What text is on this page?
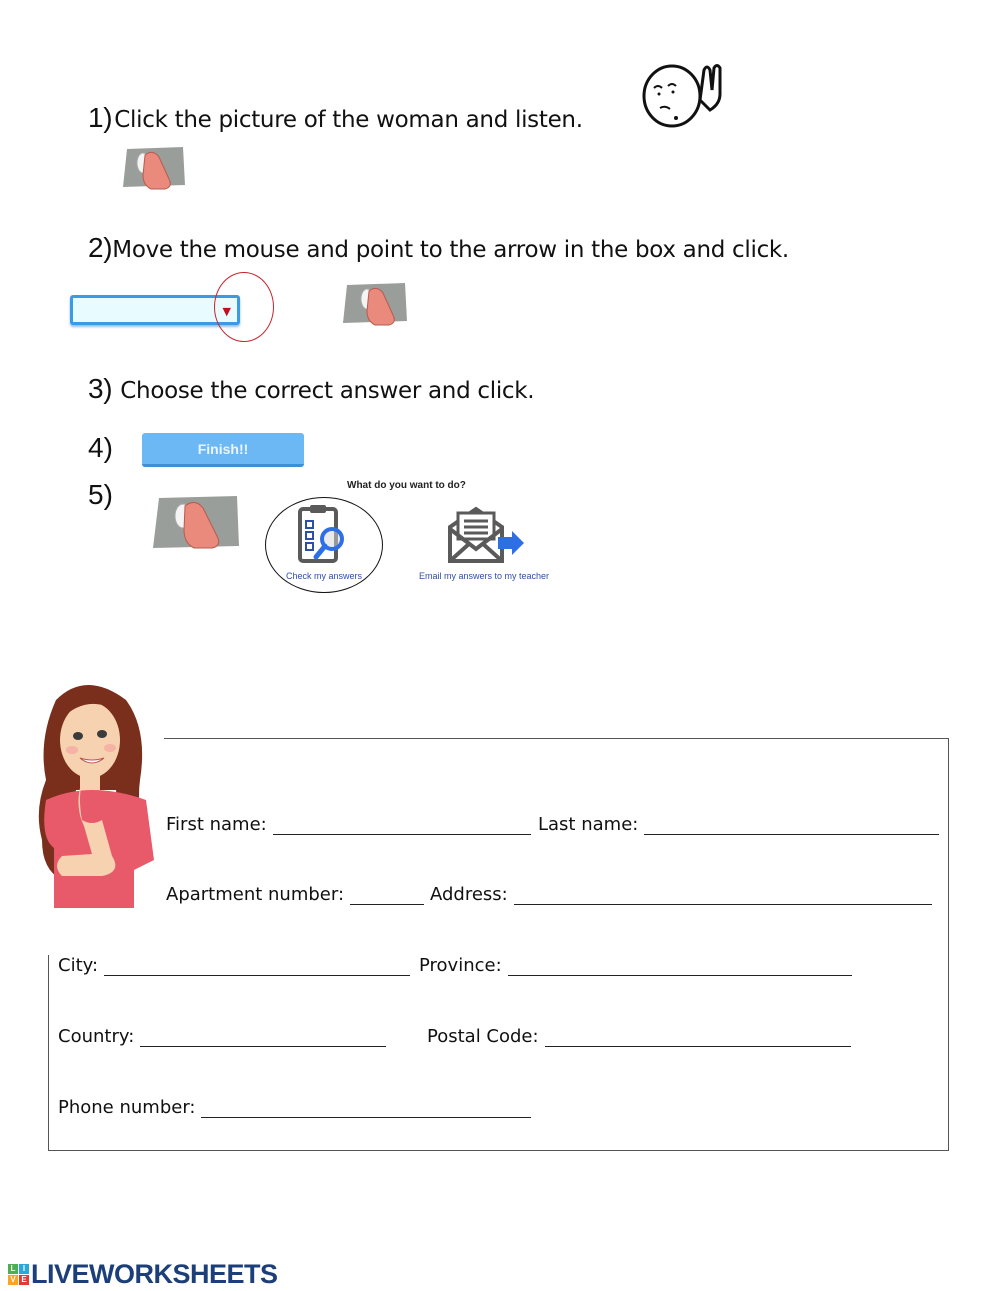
1)Click the picture of the woman and listen.
2)Move the mouse and point to the arrow in the box and click.
▼
3) Choose the correct answer and click.
4)	Finish!!
5)	What do you want to do?
Check my answers	Email my answers to my teacher
First name:	Last name:
Apartment number:	Address:
City:	Province:
Country:	Postal Code:
Phone number:
L I
V E LIVEWORKSHEETS
